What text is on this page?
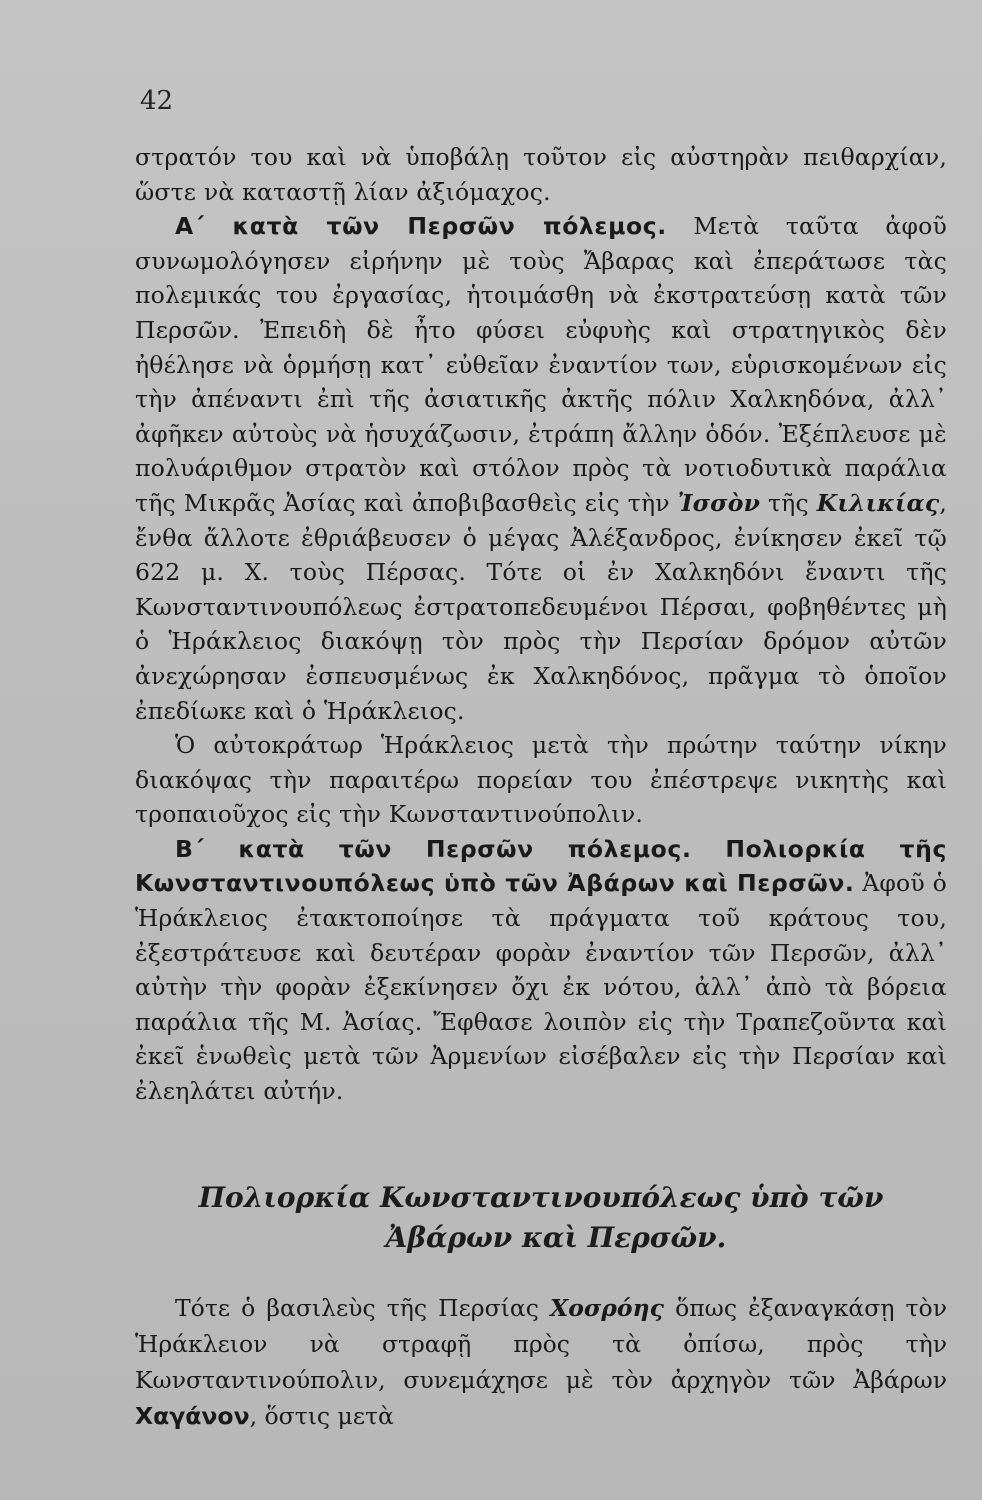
42

στρατόν του καὶ νὰ ὑποβάλῃ τοῦτον εἰς αὐστηρὰν πειθαρχίαν, ὥστε νὰ καταστῇ λίαν ἀξιόμαχος.

Α΄ κατὰ τῶν Περσῶν πόλεμος. Μετὰ ταῦτα ἀφοῦ συνωμολόγησεν εἰρήνην μὲ τοὺς Ἄβαρας καὶ ἐπεράτωσε τὰς πολεμικάς του ἐργασίας, ἡτοιμάσθη νὰ ἐκστρατεύσῃ κατὰ τῶν Περσῶν. Ἐπειδὴ δὲ ἦτο φύσει εὐφυὴς καὶ στρατηγικὸς δὲν ἠθέλησε νὰ ὁρμήσῃ κατ᾽ εὐθεῖαν ἐναντίον των, εὑρισκομένων εἰς τὴν ἀπέναντι ἐπὶ τῆς ἀσιατικῆς ἀκτῆς πόλιν Χαλκηδόνα, ἀλλ᾽ ἀφῆκεν αὐτοὺς νὰ ἡσυχάζωσιν, ἐτράπη ἄλλην ὁδόν. Ἐξέπλευσε μὲ πολυάριθμον στρατὸν καὶ στόλον πρὸς τὰ νοτιοδυτικὰ παράλια τῆς Μικρᾶς Ἀσίας καὶ ἀποβιβασθεὶς εἰς τὴν Ἰσσὸν τῆς Κιλικίας, ἔνθα ἄλλοτε ἐθριάβευσεν ὁ μέγας Ἀλέξανδρος, ἐνίκησεν ἐκεῖ τῷ 622 μ. Χ. τοὺς Πέρσας. Τότε οἱ ἐν Χαλκηδόνι ἔναντι τῆς Κωνσταντινουπόλεως ἐστρατοπεδευμένοι Πέρσαι, φοβηθέντες μὴ ὁ Ἡράκλειος διακόψῃ τὸν πρὸς τὴν Περσίαν δρόμον αὐτῶν ἀνεχώρησαν ἐσπευσμένως ἐκ Χαλκηδόνος, πρᾶγμα τὸ ὁποῖον ἐπεδίωκε καὶ ὁ Ἡράκλειος.

Ὁ αὐτοκράτωρ Ἡράκλειος μετὰ τὴν πρώτην ταύτην νίκην διακόψας τὴν παραιτέρω πορείαν του ἐπέστρεψε νικητὴς καὶ τροπαιοῦχος εἰς τὴν Κωνσταντινούπολιν.

Β΄ κατὰ τῶν Περσῶν πόλεμος. Πολιορκία τῆς Κωνσταντινουπόλεως ὑπὸ τῶν Ἀβάρων καὶ Περσῶν. Ἀφοῦ ὁ Ἡράκλειος ἐτακτοποίησε τὰ πράγματα τοῦ κράτους του, ἐξεστράτευσε καὶ δευτέραν φορὰν ἐναντίον τῶν Περσῶν, ἀλλ᾽ αὐτὴν τὴν φορὰν ἐξεκίνησεν ὄχι ἐκ νότου, ἀλλ᾽ ἀπὸ τὰ βόρεια παράλια τῆς Μ. Ἀσίας. Ἔφθασε λοιπὸν εἰς τὴν Τραπεζοῦντα καὶ ἐκεῖ ἑνωθεὶς μετὰ τῶν Ἀρμενίων εἰσέβαλεν εἰς τὴν Περσίαν καὶ ἐλεηλάτει αὐτήν.

Πολιορκία Κωνσταντινουπόλεως ὑπὸ τῶν

Ἀβάρων καὶ Περσῶν.

Τότε ὁ βασιλεὺς τῆς Περσίας Χοσρόης ὅπως ἐξαναγκάσῃ τὸν Ἡράκλειον νὰ στραφῇ πρὸς τὰ ὀπίσω, πρὸς τὴν Κωνσταντινούπολιν, συνεμάχησε μὲ τὸν ἀρχηγὸν τῶν Ἀβάρων Χαγάνον, ὅστις μετὰ
